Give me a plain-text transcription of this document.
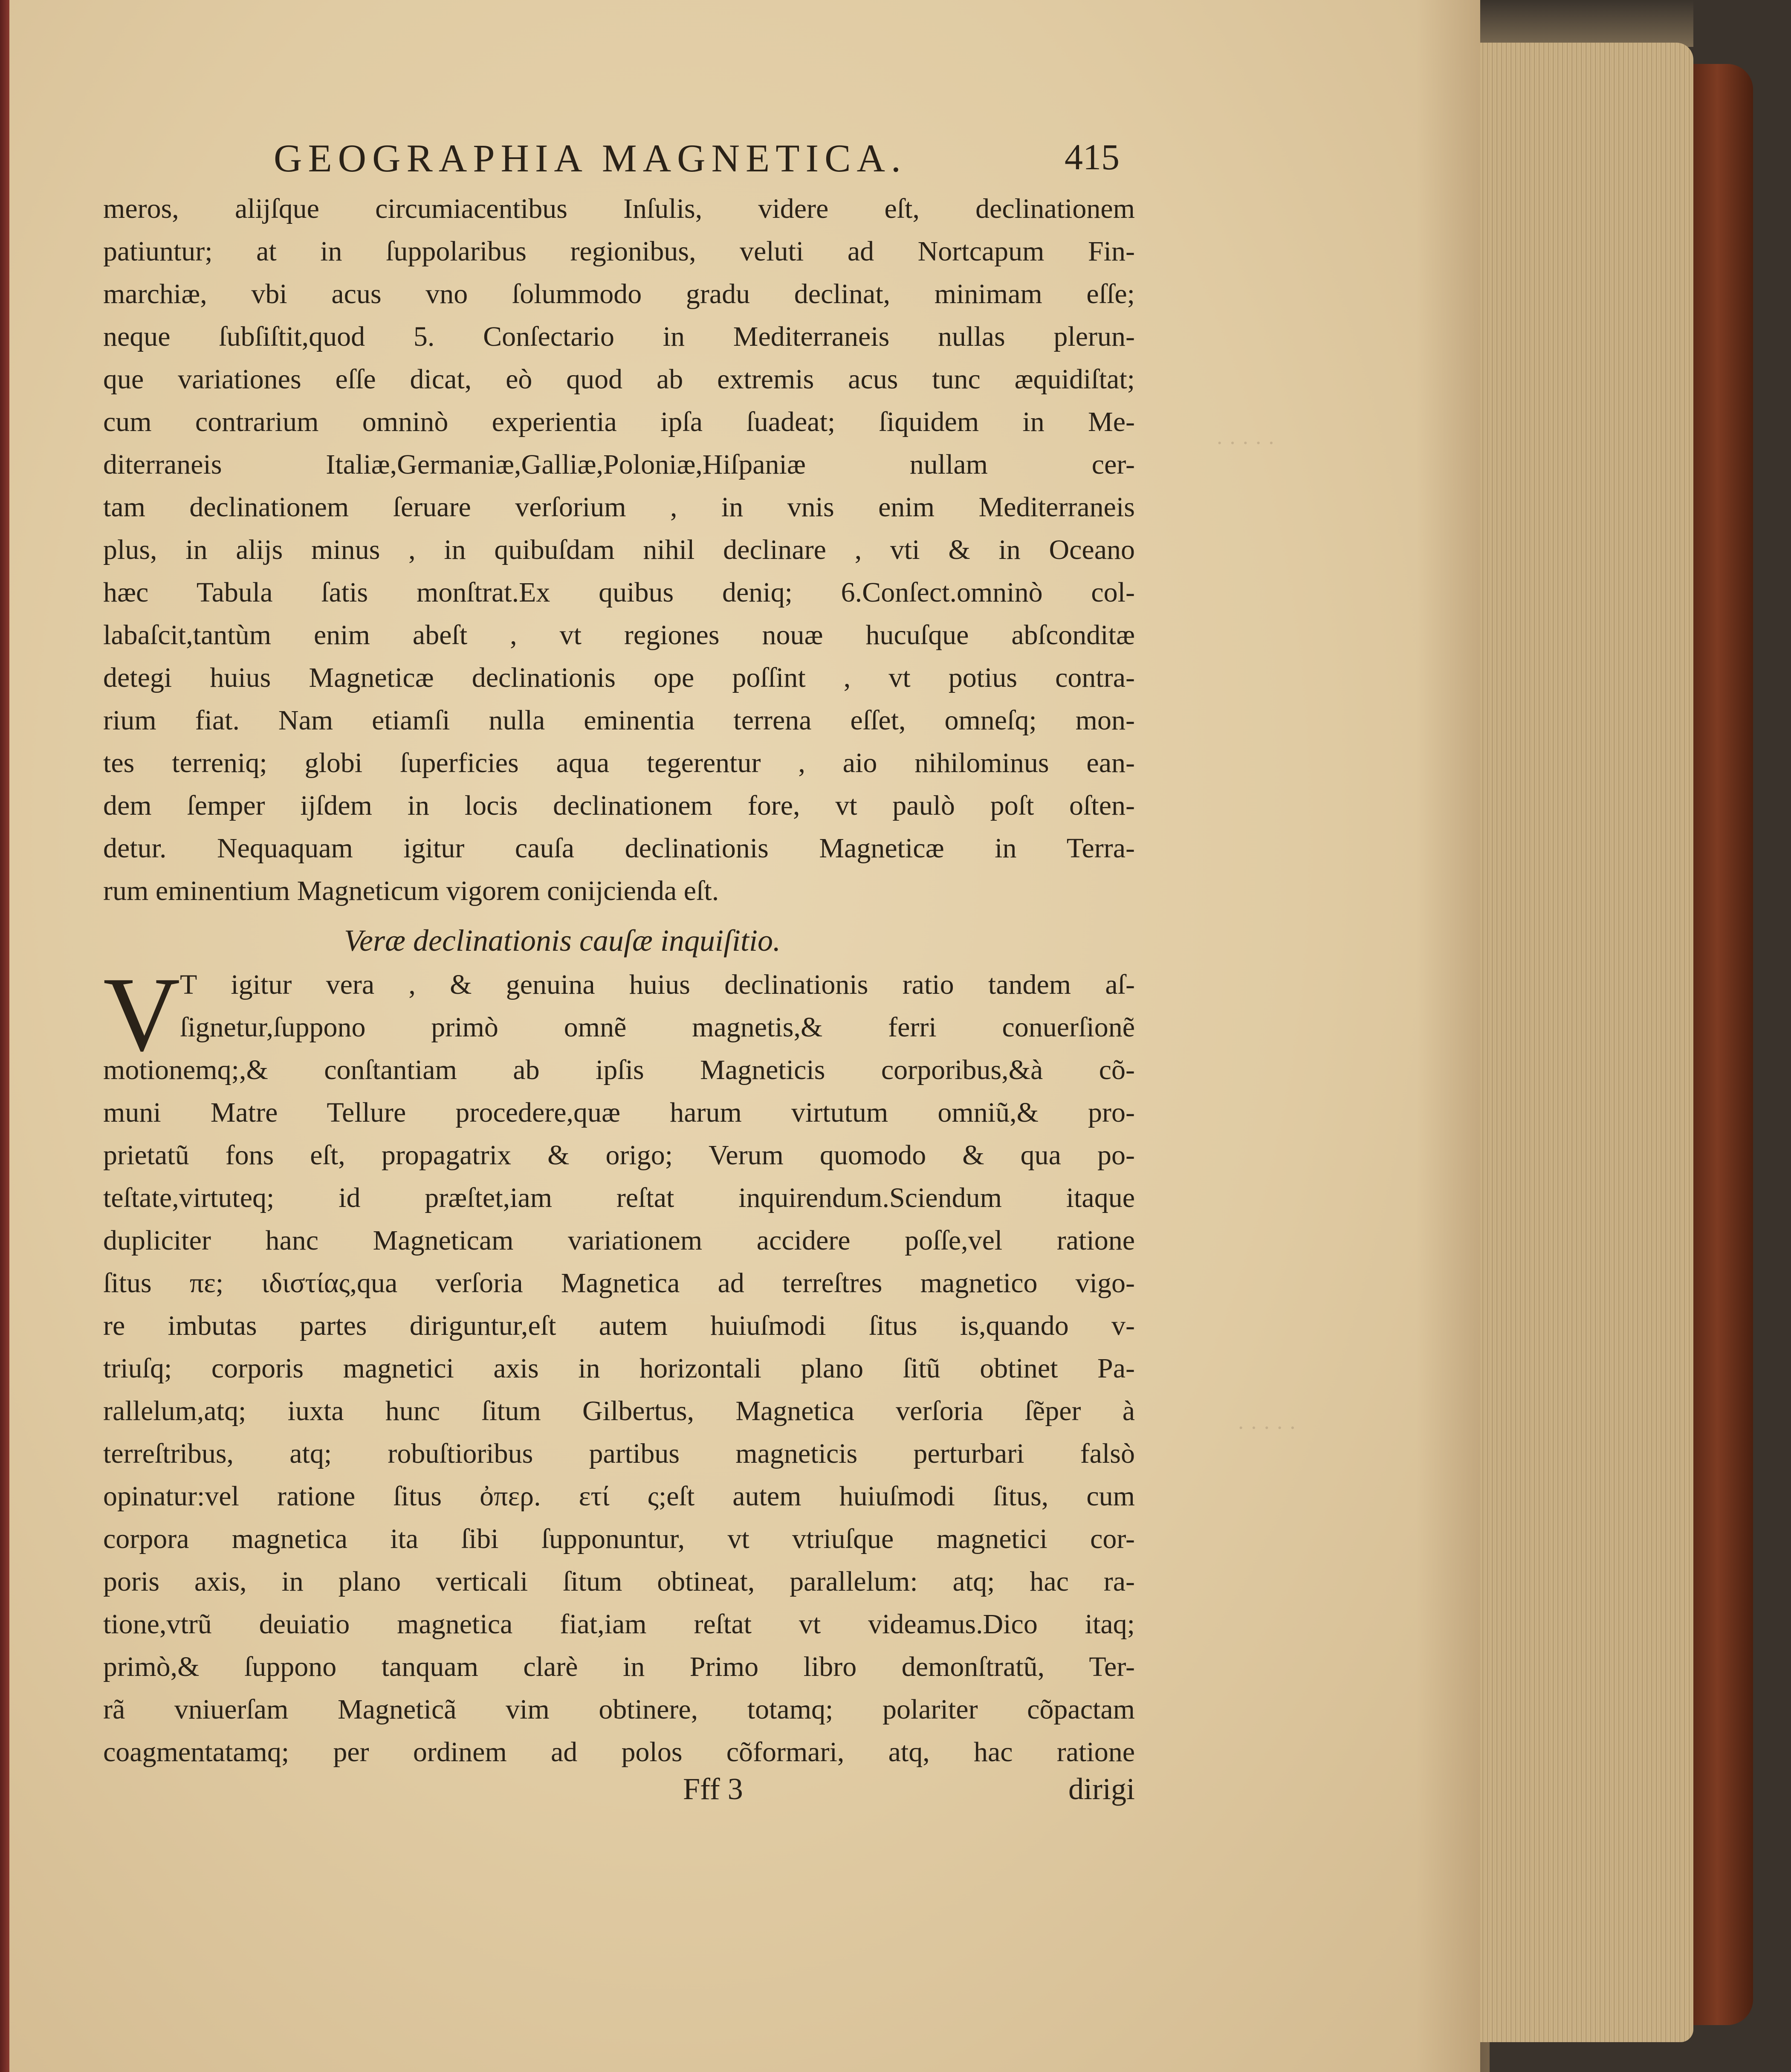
· · · · ·
· · · · ·
GEOGRAPHIA MAGNETICA.	415
meros, alijſque circumiacentibus Inſulis, videre eſt, declinationem
patiuntur; at in ſuppolaribus regionibus, veluti ad Nortcapum Fin-
marchiæ, vbi acus vno ſolummodo gradu declinat, minimam eſſe;
neque ſubſiſtit,quod 5. Conſectario in Mediterraneis nullas plerun-
que variationes eſſe dicat, eò quod ab extremis acus tunc æquidiſtat;
cum contrarium omninò experientia ipſa ſuadeat; ſiquidem in Me-
diterraneis Italiæ,Germaniæ,Galliæ,Poloniæ,Hiſpaniæ nullam cer-
tam declinationem ſeruare verſorium , in vnis enim Mediterraneis
plus, in alijs minus , in quibuſdam nihil declinare , vti & in Oceano
hæc Tabula ſatis monſtrat.Ex quibus deniq; 6.Conſect.omninò col-
labaſcit,tantùm enim abeſt , vt regiones nouæ hucuſque abſconditæ
detegi huius Magneticæ declinationis ope poſſint , vt potius contra-
rium fiat. Nam etiamſi nulla eminentia terrena eſſet, omneſq; mon-
tes terreniq; globi ſuperficies aqua tegerentur , aio nihilominus ean-
dem ſemper ijſdem in locis declinationem fore, vt paulò poſt oſten-
detur. Nequaquam igitur cauſa declinationis Magneticæ in Terra-
rum eminentium Magneticum vigorem conijcienda eſt.
Veræ declinationis cauſæ inquiſitio.
V T igitur vera , & genuina huius declinationis ratio tandem aſ-
ſignetur,ſuppono primò omnẽ magnetis,& ferri conuerſionẽ
motionemq;,& conſtantiam ab ipſis Magneticis corporibus,&à cõ-
muni Matre Tellure procedere,quæ harum virtutum omniũ,& pro-
prietatũ fons eſt, propagatrix & origo; Verum quomodo & qua po-
teſtate,virtuteq; id præſtet,iam reſtat inquirendum.Sciendum itaque
dupliciter hanc Magneticam variationem accidere poſſe,vel ratione
ſitus πε; ιδιστίας,qua verſoria Magnetica ad terreſtres magnetico vigo-
re imbutas partes diriguntur,eſt autem huiuſmodi ſitus is,quando v-
triuſq; corporis magnetici axis in horizontali plano ſitũ obtinet Pa-
rallelum,atq; iuxta hunc ſitum Gilbertus, Magnetica verſoria ſẽper à
terreſtribus, atq; robuſtioribus partibus magneticis perturbari falsò
opinatur:vel ratione ſitus ὀπερ. ετί ς;eſt autem huiuſmodi ſitus, cum
corpora magnetica ita ſibi ſupponuntur, vt vtriuſque magnetici cor-
poris axis, in plano verticali ſitum obtineat, parallelum: atq; hac ra-
tione,vtrũ deuiatio magnetica fiat,iam reſtat vt videamus.Dico itaq;
primò,& ſuppono tanquam clarè in Primo libro demonſtratũ, Ter-
rã vniuerſam Magneticã vim obtinere, totamq; polariter cõpactam
coagmentatamq; per ordinem ad polos cõformari, atq, hac ratione
Fff 3	dirigi
